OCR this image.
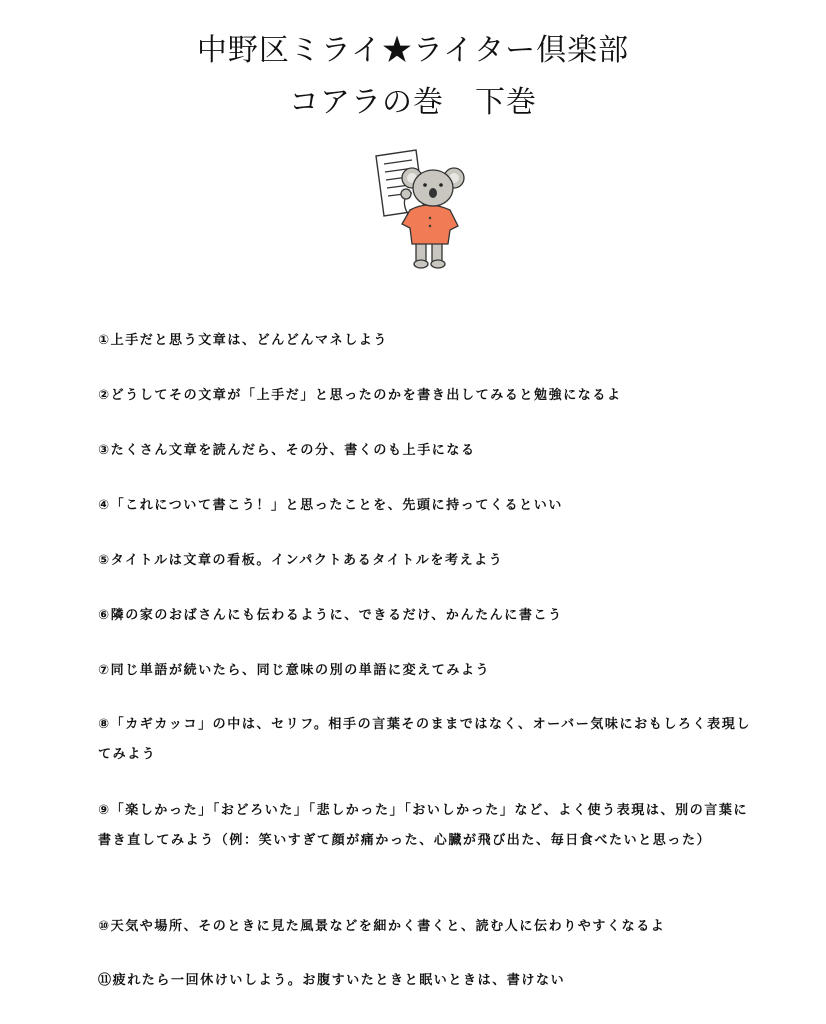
中野区ミライ★ライター倶楽部
コアラの巻　下巻
①上手だと思う文章は、どんどんマネしよう
②どうしてその文章が「上手だ」と思ったのかを書き出してみると勉強になるよ
③たくさん文章を読んだら、その分、書くのも上手になる
④「これについて書こう！」と思ったことを、先頭に持ってくるといい
⑤タイトルは文章の看板。インパクトあるタイトルを考えよう
⑥隣の家のおばさんにも伝わるように、できるだけ、かんたんに書こう
⑦同じ単語が続いたら、同じ意味の別の単語に変えてみよう
⑧「カギカッコ」の中は、セリフ。相手の言葉そのままではなく、オーバー気味におもしろく表現してみよう
⑨「楽しかった」「おどろいた」「悲しかった」「おいしかった」など、よく使う表現は、別の言葉に書き直してみよう（例：笑いすぎて顔が痛かった、心臓が飛び出た、毎日食べたいと思った）
⑩天気や場所、そのときに見た風景などを細かく書くと、読む人に伝わりやすくなるよ
⑪疲れたら一回休けいしよう。お腹すいたときと眠いときは、書けない
